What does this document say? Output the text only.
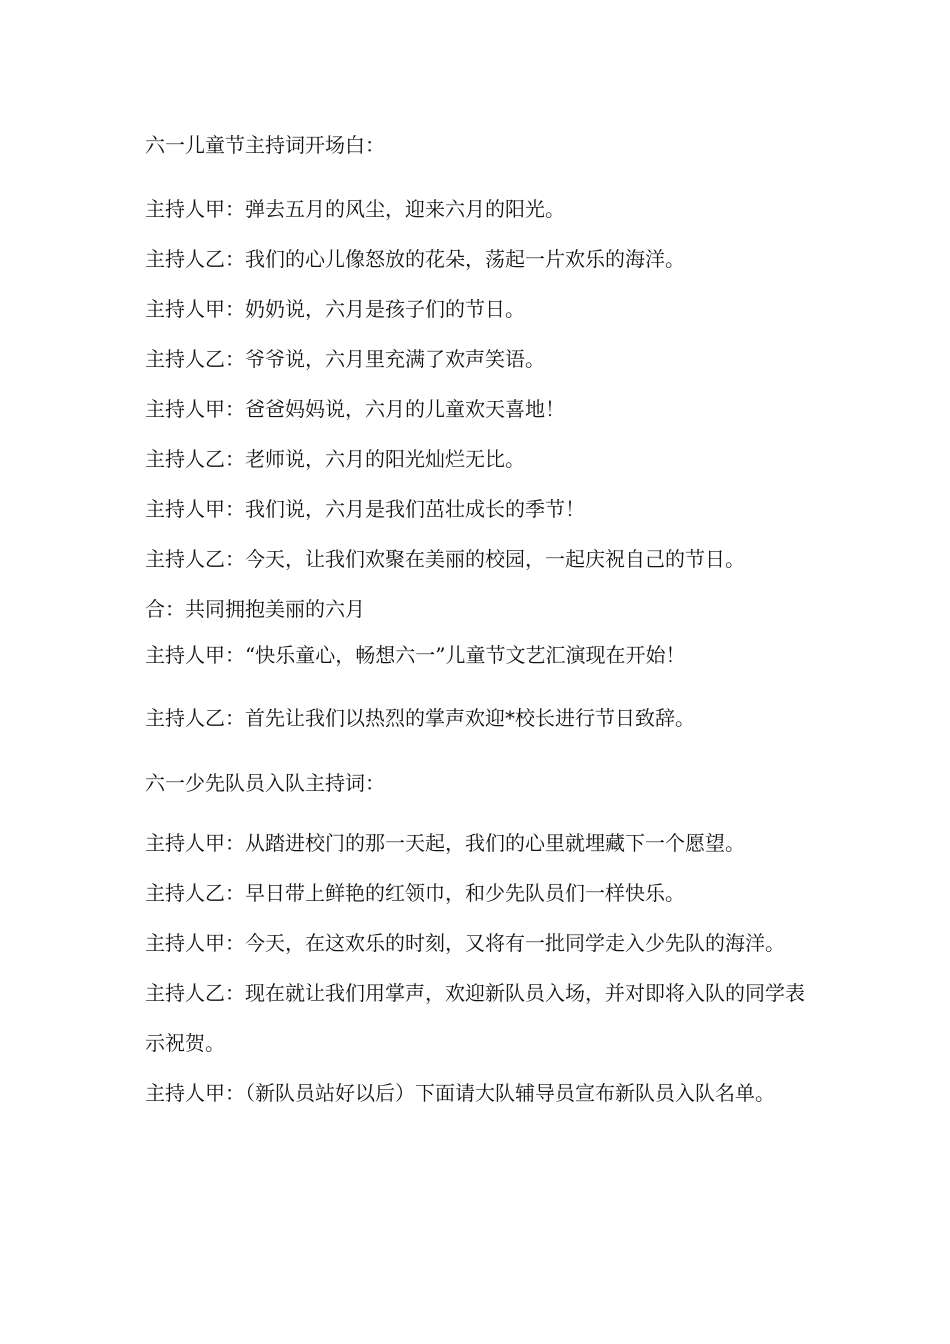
六一儿童节主持词开场白：

主持人甲：弹去五月的风尘，迎来六月的阳光。

主持人乙：我们的心儿像怒放的花朵，荡起一片欢乐的海洋。

主持人甲：奶奶说，六月是孩子们的节日。

主持人乙：爷爷说，六月里充满了欢声笑语。

主持人甲：爸爸妈妈说，六月的儿童欢天喜地！

主持人乙：老师说，六月的阳光灿烂无比。

主持人甲：我们说，六月是我们茁壮成长的季节！

主持人乙：今天，让我们欢聚在美丽的校园，一起庆祝自己的节日。

合：共同拥抱美丽的六月

主持人甲：“快乐童心，畅想六一”儿童节文艺汇演现在开始！

主持人乙：首先让我们以热烈的掌声欢迎*校长进行节日致辞。

六一少先队员入队主持词：

主持人甲：从踏进校门的那一天起，我们的心里就埋藏下一个愿望。

主持人乙：早日带上鲜艳的红领巾，和少先队员们一样快乐。

主持人甲：今天，在这欢乐的时刻，又将有一批同学走入少先队的海洋。

主持人乙：现在就让我们用掌声，欢迎新队员入场，并对即将入队的同学表示祝贺。

主持人甲：（新队员站好以后）下面请大队辅导员宣布新队员入队名单。
